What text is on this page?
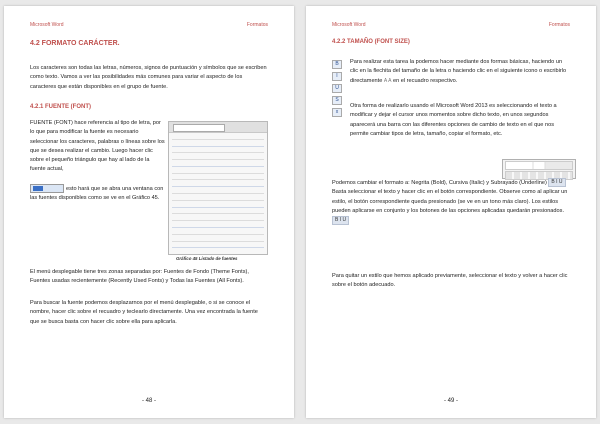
Microsoft Word	Formatos
4.2 FORMATO CARÁCTER.

Los caracteres son todas las letras, números, signos de puntuación y símbolos que se escriben como texto. Vamos a ver las posibilidades más comunes para variar el aspecto de los caracteres que están disponibles en el grupo de fuente.

4.2.1 FUENTE (FONT)

FUENTE (FONT) hace referencia al tipo de letra, por lo que para modificar la fuente es necesario seleccionar los caracteres, palabras o líneas sobre los que se desea realizar el cambio. Luego hacer clic sobre el pequeño triángulo que hay al lado de la fuente actual,

esto hará que se abra una ventana con las fuentes disponibles como se ve en el Gráfico 45.

Gráfico 45 Listado de fuentes

El menú desplegable tiene tres zonas separadas por: Fuentes de Fondo (Theme Fonts), Fuentes usadas recientemente (Recently Used Fonts) y Todas las Fuentes (All Fonts).

Para buscar la fuente podemos desplazarnos por el menú desplegable, o si se conoce el nombre, hacer clic sobre el recuadro y teclearlo directamente. Una vez encontrada la fuente que se busca basta con hacer clic sobre ella para aplicarla.

- 48 -
Microsoft Word	Formatos
4.2.2 TAMAÑO (FONT SIZE)
B
I
U
S
x

Para realizar esta tarea la podemos hacer mediante dos formas básicas, haciendo un clic en la flechita del tamaño de la letra o haciendo clic en el siguiente icono o escribirlo directamente A A en el recuadro respectivo.

Otra forma de realizarlo usando el Microsoft Word 2013 es seleccionando el texto a modificar y dejar el cursor unos momentos sobre dicho texto, en unos segundos aparecerá una barra con las diferentes opciones de cambio de texto en el que nos permite cambiar tipos de letra, tamaño, copiar el formato, etc.

Podemos cambiar el formato a: Negrita (Bold), Cursiva (Italic) y Subrayado (Underline) B I U Basta seleccionar el texto y hacer clic en el botón correspondiente. Observe como al aplicar un estilo, el botón correspondiente queda presionado (se ve en un tono más claro). Los estilos pueden aplicarse en conjunto y los botones de las opciones aplicadas quedarán presionados. B I U

Para quitar un estilo que hemos aplicado previamente, seleccionar el texto y volver a hacer clic sobre el botón adecuado.

- 49 -
